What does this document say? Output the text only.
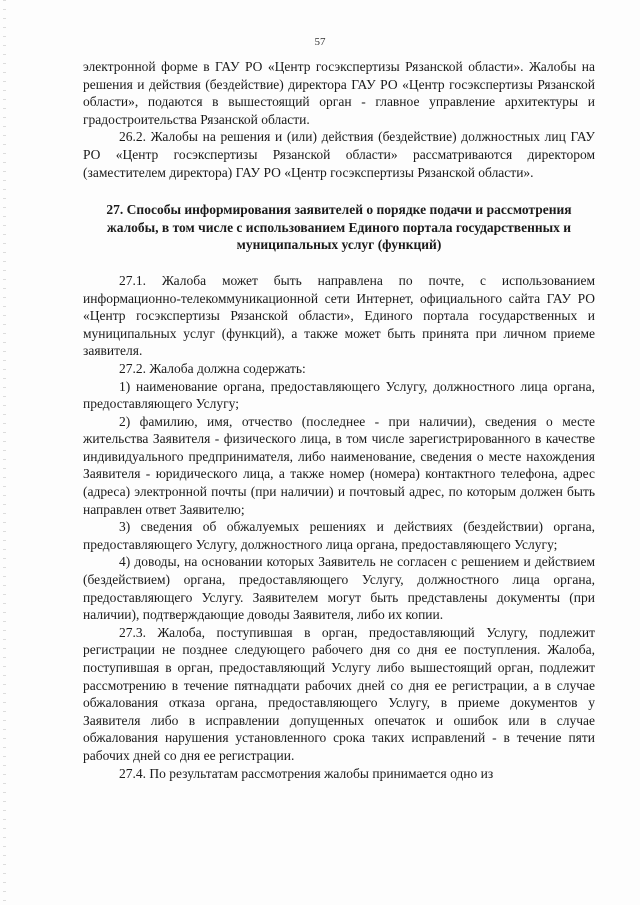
57

электронной форме в ГАУ РО «Центр госэкспертизы Рязанской области». Жалобы на решения и действия (бездействие) директора ГАУ РО «Центр госэкспертизы Рязанской области», подаются в вышестоящий орган - главное управление архитектуры и градостроительства Рязанской области.

26.2. Жалобы на решения и (или) действия (бездействие) должностных лиц ГАУ РО «Центр госэкспертизы Рязанской области» рассматриваются директором (заместителем директора) ГАУ РО «Центр госэкспертизы Рязанской области».

27. Способы информирования заявителей о порядке подачи и рассмотрения жалобы, в том числе с использованием Единого портала государственных и муниципальных услуг (функций)

27.1. Жалоба может быть направлена по почте, с использованием информационно-телекоммуникационной сети Интернет, официального сайта ГАУ РО «Центр госэкспертизы Рязанской области», Единого портала государственных и муниципальных услуг (функций), а также может быть принята при личном приеме заявителя.

27.2. Жалоба должна содержать:

1) наименование органа, предоставляющего Услугу, должностного лица органа, предоставляющего Услугу;

2) фамилию, имя, отчество (последнее - при наличии), сведения о месте жительства Заявителя - физического лица, в том числе зарегистрированного в качестве индивидуального предпринимателя, либо наименование, сведения о месте нахождения Заявителя - юридического лица, а также номер (номера) контактного телефона, адрес (адреса) электронной почты (при наличии) и почтовый адрес, по которым должен быть направлен ответ Заявителю;

3) сведения об обжалуемых решениях и действиях (бездействии) органа, предоставляющего Услугу, должностного лица органа, предоставляющего Услугу;

4) доводы, на основании которых Заявитель не согласен с решением и действием (бездействием) органа, предоставляющего Услугу, должностного лица органа, предоставляющего Услугу. Заявителем могут быть представлены документы (при наличии), подтверждающие доводы Заявителя, либо их копии.

27.3. Жалоба, поступившая в орган, предоставляющий Услугу, подлежит регистрации не позднее следующего рабочего дня со дня ее поступления. Жалоба, поступившая в орган, предоставляющий Услугу либо вышестоящий орган, подлежит рассмотрению в течение пятнадцати рабочих дней со дня ее регистрации, а в случае обжалования отказа органа, предоставляющего Услугу, в приеме документов у Заявителя либо в исправлении допущенных опечаток и ошибок или в случае обжалования нарушения установленного срока таких исправлений - в течение пяти рабочих дней со дня ее регистрации.

27.4. По результатам рассмотрения жалобы принимается одно из
